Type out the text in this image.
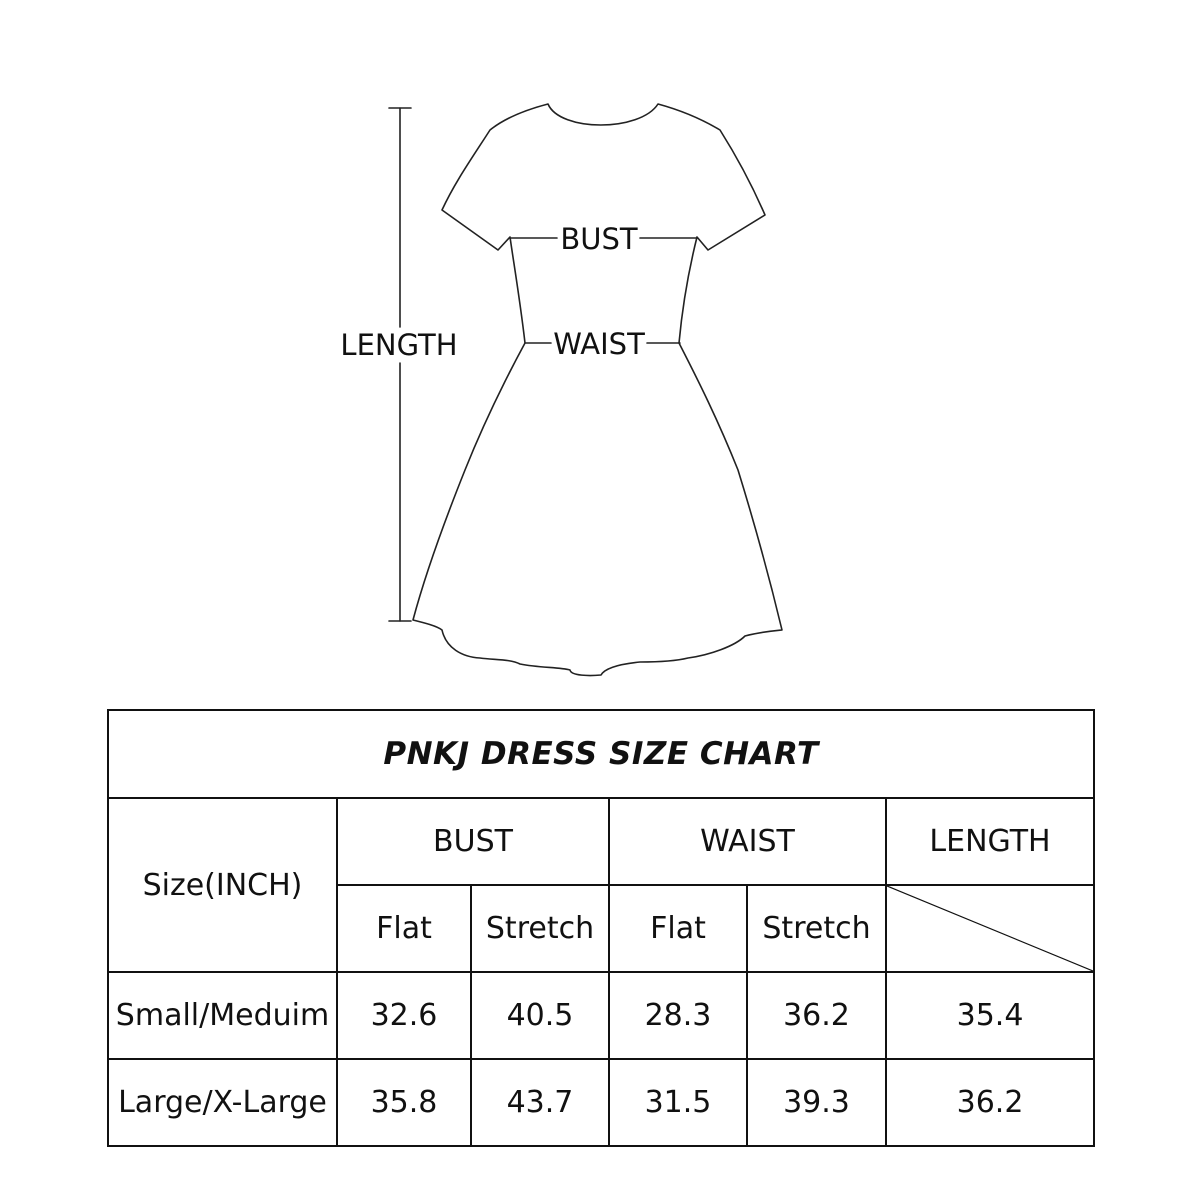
BUST
WAIST
LENGTH
PNKJ DRESS SIZE CHART					
Size(INCH)	BUST		WAIST		LENGTH
	Flat	Stretch	Flat	Stretch	

Small/Meduim	32.6	40.5	28.3	36.2	35.4
Large/X-Large	35.8	43.7	31.5	39.3	36.2
